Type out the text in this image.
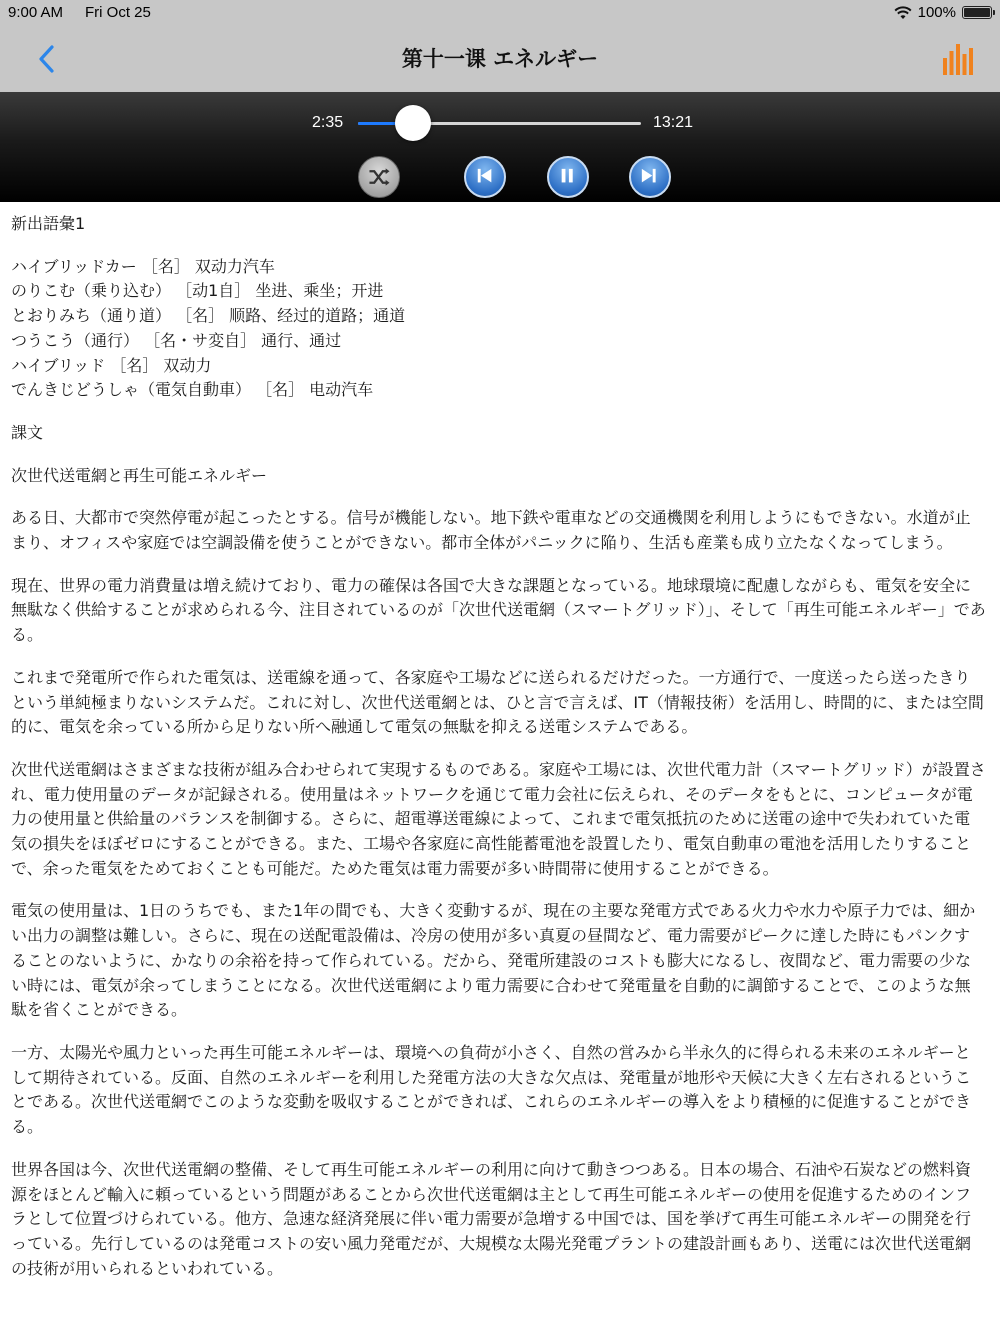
9:00 AM Fri Oct 25	100%
第十一课 エネルギー
2:35	13:21

新出語彙1

ハイブリッドカー ［名］ 双动力汽车
のりこむ（乗り込む） ［动1自］ 坐进、乘坐；开进
とおりみち（通り道） ［名］ 顺路、经过的道路；通道
つうこう（通行） ［名・サ変自］ 通行、通过
ハイブリッド ［名］ 双动力
でんきじどうしゃ（電気自動車） ［名］ 电动汽车

課文

次世代送電網と再生可能エネルギー

ある日、大都市で突然停電が起こったとする。信号が機能しない。地下鉄や電車などの交通機関を利用しようにもできない。水道が止まり、オフィスや家庭では空調設備を使うことができない。都市全体がパニックに陥り、生活も産業も成り立たなくなってしまう。

現在、世界の電力消費量は増え続けており、電力の確保は各国で大きな課題となっている。地球環境に配慮しながらも、電気を安全に無駄なく供給することが求められる今、注目されているのが「次世代送電網（スマートグリッド）」、そして「再生可能エネルギー」である。

これまで発電所で作られた電気は、送電線を通って、各家庭や工場などに送られるだけだった。一方通行で、一度送ったら送ったきりという単純極まりないシステムだ。これに対し、次世代送電網とは、ひと言で言えば、IT（情報技術）を活用し、時間的に、または空間的に、電気を余っている所から足りない所へ融通して電気の無駄を抑える送電システムである。

次世代送電網はさまざまな技術が組み合わせられて実現するものである。家庭や工場には、次世代電力計（スマートグリッド）が設置され、電力使用量のデータが記録される。使用量はネットワークを通じて電力会社に伝えられ、そのデータをもとに、コンピュータが電力の使用量と供給量のバランスを制御する。さらに、超電導送電線によって、これまで電気抵抗のために送電の途中で失われていた電気の損失をほぼゼロにすることができる。また、工場や各家庭に高性能蓄電池を設置したり、電気自動車の電池を活用したりすることで、余った電気をためておくことも可能だ。ためた電気は電力需要が多い時間帯に使用することができる。

電気の使用量は、1日のうちでも、また1年の間でも、大きく変動するが、現在の主要な発電方式である火力や水力や原子力では、細かい出力の調整は難しい。さらに、現在の送配電設備は、冷房の使用が多い真夏の昼間など、電力需要がピークに達した時にもパンクすることのないように、かなりの余裕を持って作られている。だから、発電所建設のコストも膨大になるし、夜間など、電力需要の少ない時には、電気が余ってしまうことになる。次世代送電網により電力需要に合わせて発電量を自動的に調節することで、このような無駄を省くことができる。

一方、太陽光や風力といった再生可能エネルギーは、環境への負荷が小さく、自然の営みから半永久的に得られる未来のエネルギーとして期待されている。反面、自然のエネルギーを利用した発電方法の大きな欠点は、発電量が地形や天候に大きく左右されるということである。次世代送電網でこのような変動を吸収することができれば、これらのエネルギーの導入をより積極的に促進することができる。

世界各国は今、次世代送電網の整備、そして再生可能エネルギーの利用に向けて動きつつある。日本の場合、石油や石炭などの燃料資源をほとんど輸入に頼っているという問題があることから次世代送電網は主として再生可能エネルギーの使用を促進するためのインフラとして位置づけられている。他方、急速な経済発展に伴い電力需要が急増する中国では、国を挙げて再生可能エネルギーの開発を行っている。先行しているのは発電コストの安い風力発電だが、大規模な太陽光発電プラントの建設計画もあり、送電には次世代送電網の技術が用いられるといわれている。
